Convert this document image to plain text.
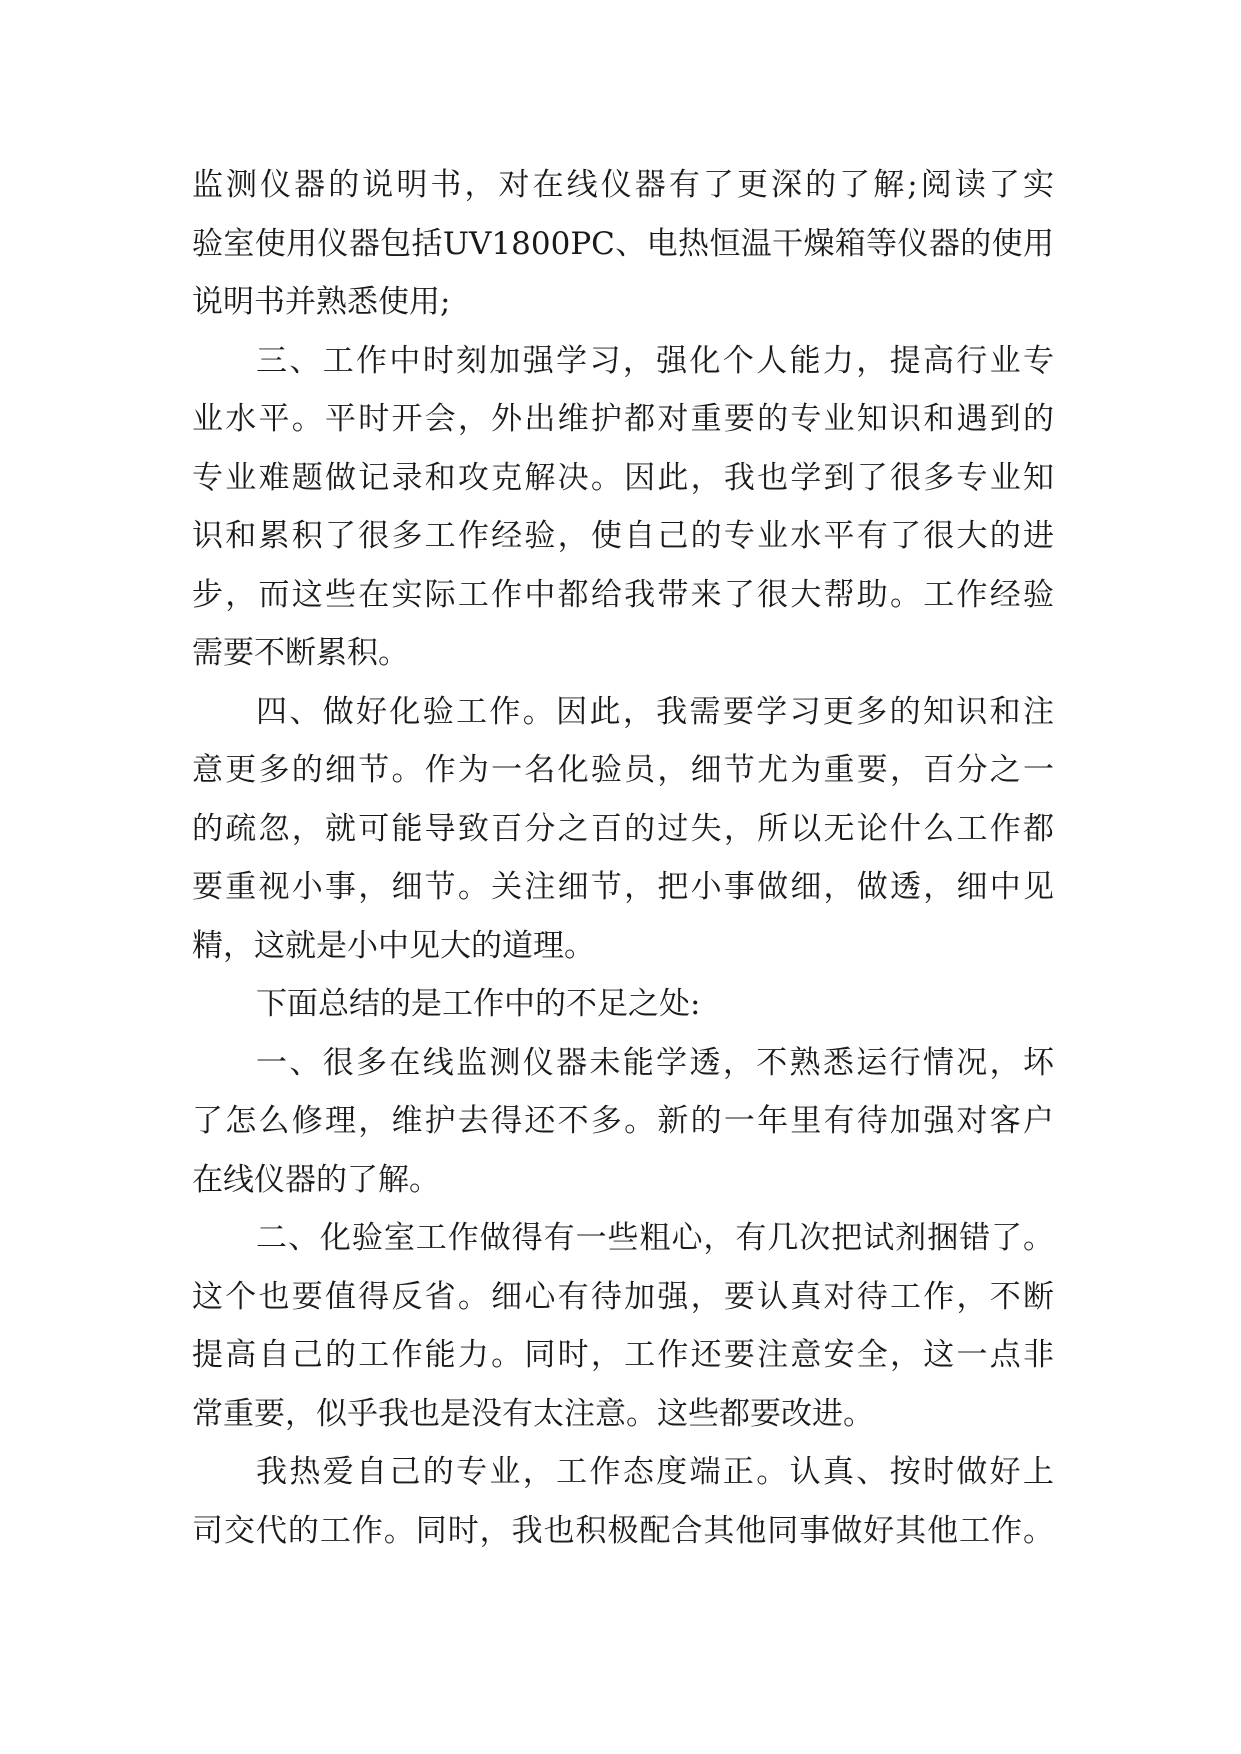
监测仪器的说明书，对在线仪器有了更深的了解;阅读了实
验室使用仪器包括UV1800PC、电热恒温干燥箱等仪器的使用
说明书并熟悉使用;
三、工作中时刻加强学习，强化个人能力，提高行业专
业水平。平时开会，外出维护都对重要的专业知识和遇到的
专业难题做记录和攻克解决。因此，我也学到了很多专业知
识和累积了很多工作经验，使自己的专业水平有了很大的进
步，而这些在实际工作中都给我带来了很大帮助。工作经验
需要不断累积。
四、做好化验工作。因此，我需要学习更多的知识和注
意更多的细节。作为一名化验员，细节尤为重要，百分之一
的疏忽，就可能导致百分之百的过失，所以无论什么工作都
要重视小事，细节。关注细节，把小事做细，做透，细中见
精，这就是小中见大的道理。
下面总结的是工作中的不足之处:
一、很多在线监测仪器未能学透，不熟悉运行情况，坏
了怎么修理，维护去得还不多。新的一年里有待加强对客户
在线仪器的了解。
二、化验室工作做得有一些粗心，有几次把试剂捆错了。
这个也要值得反省。细心有待加强，要认真对待工作，不断
提高自己的工作能力。同时，工作还要注意安全，这一点非
常重要，似乎我也是没有太注意。这些都要改进。
我热爱自己的专业，工作态度端正。认真、按时做好上
司交代的工作。同时，我也积极配合其他同事做好其他工作。
